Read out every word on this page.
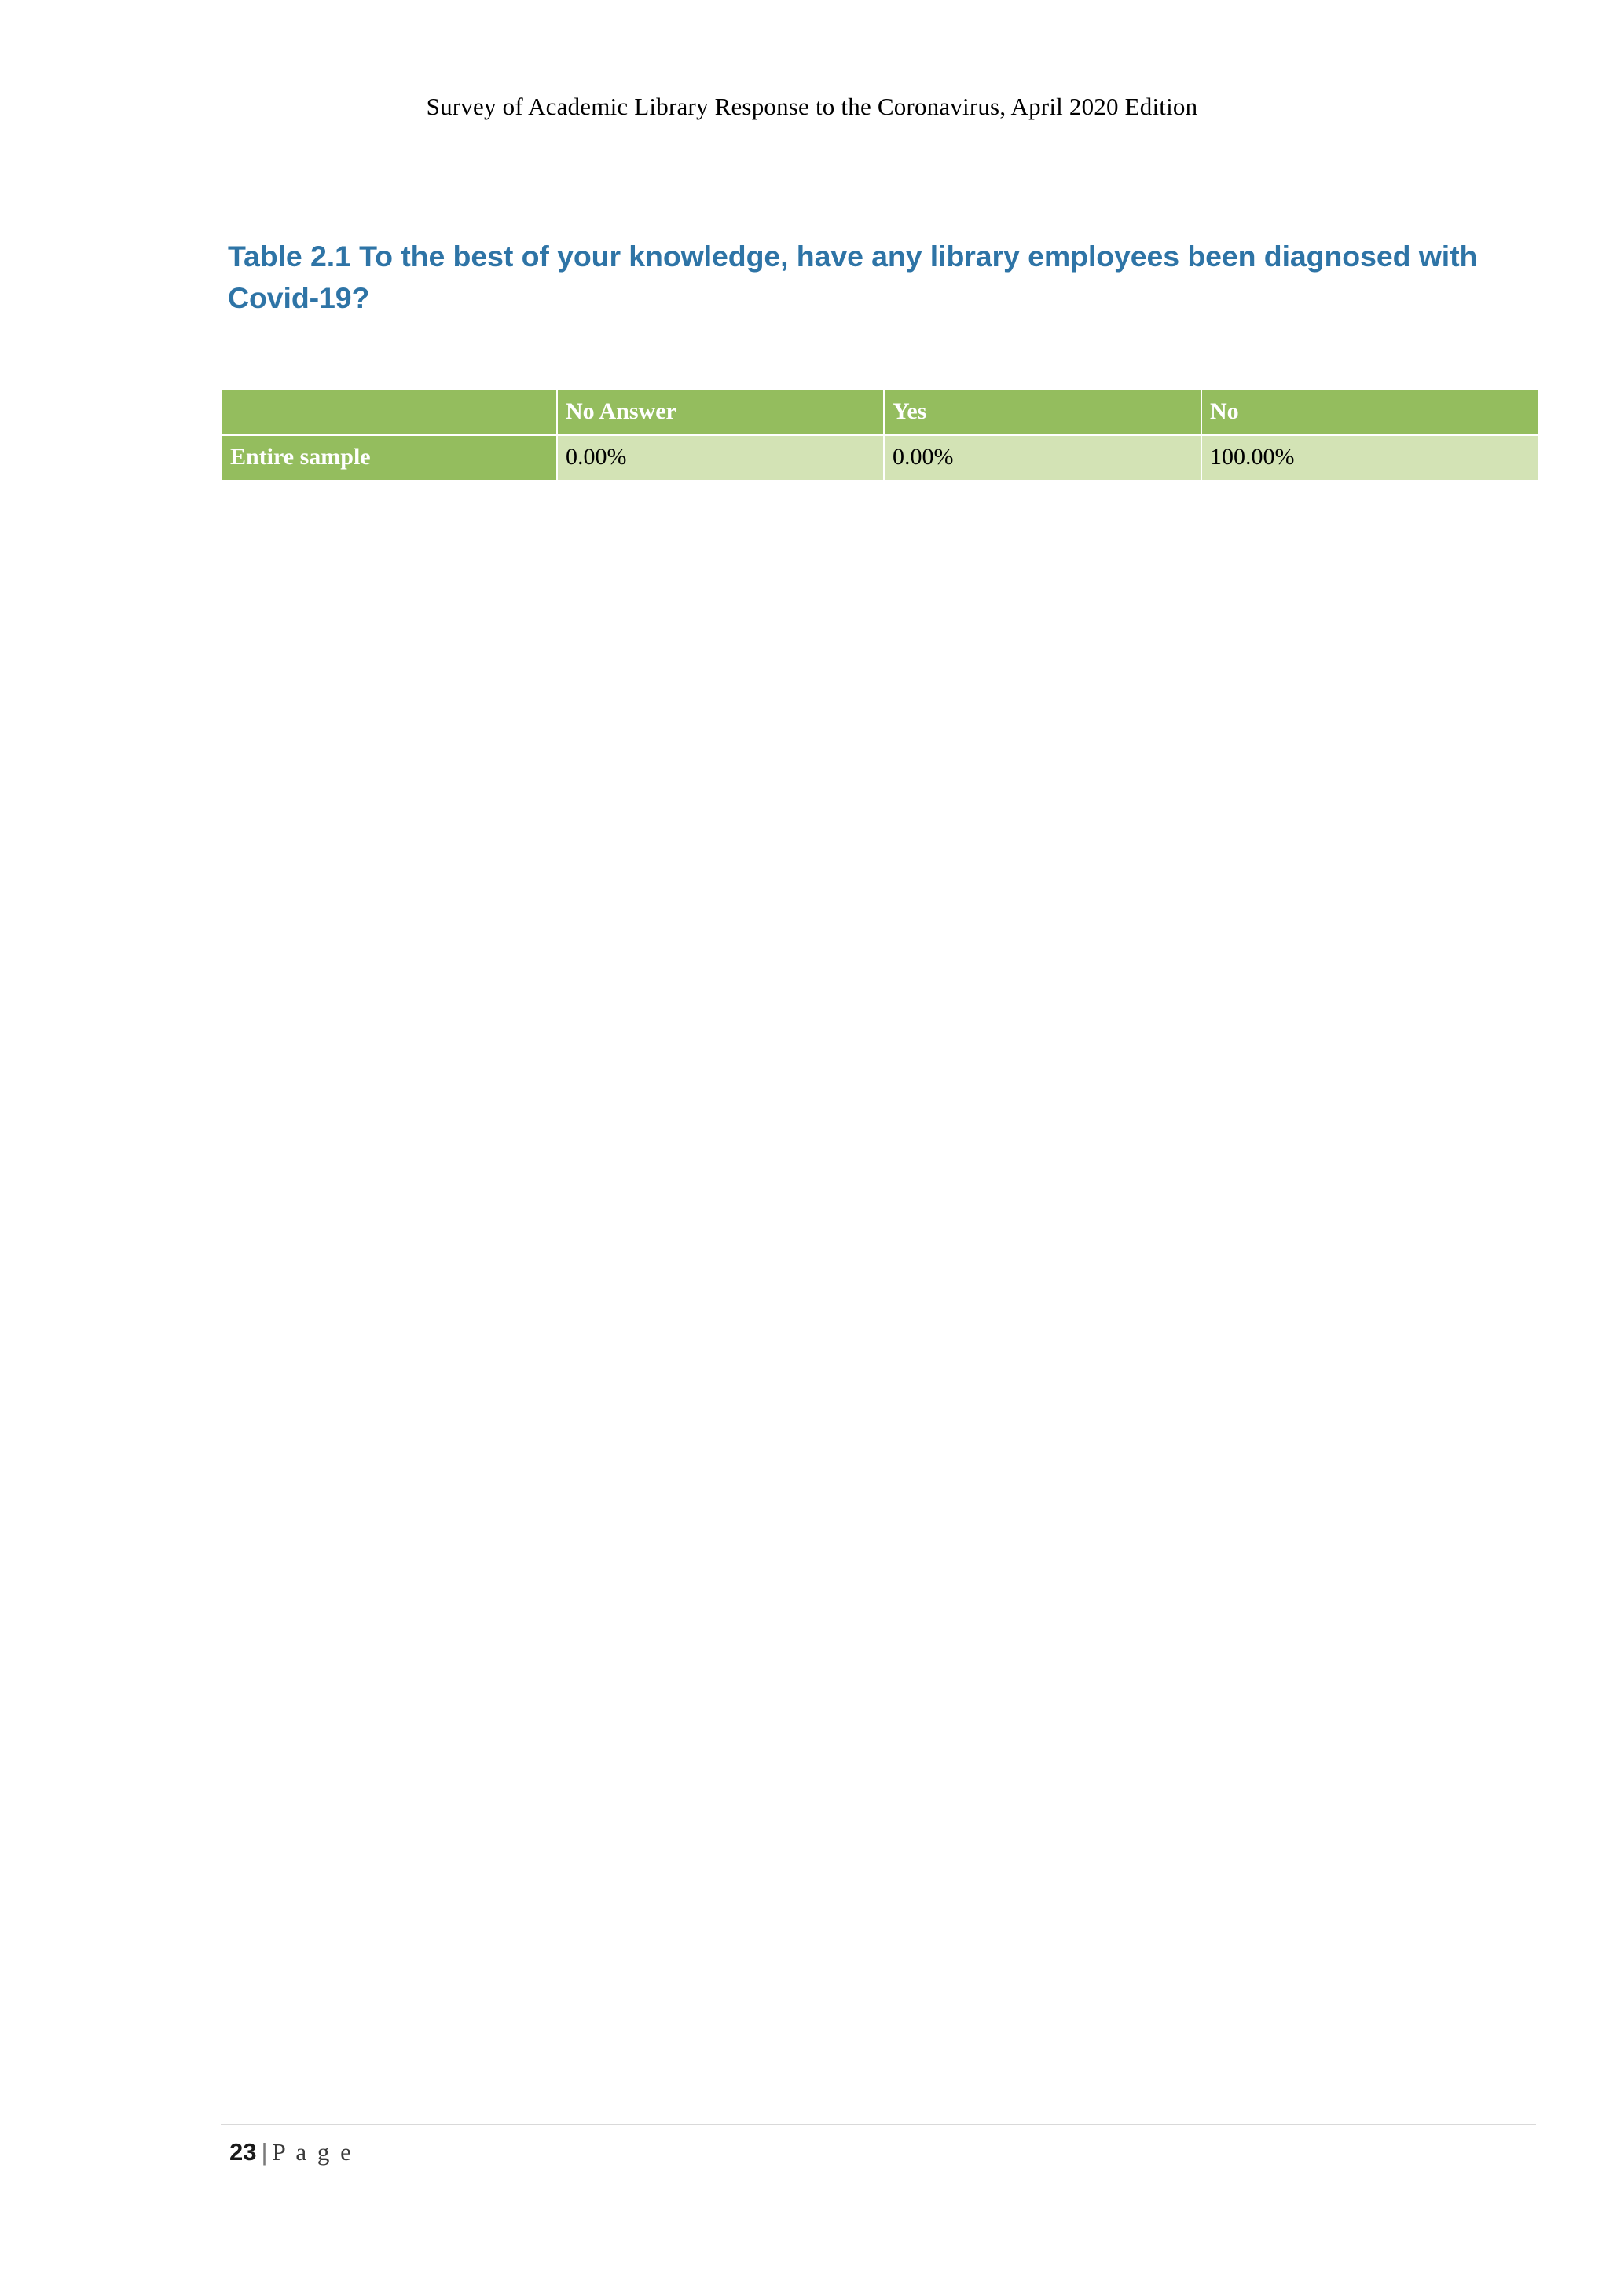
Survey of Academic Library Response to the Coronavirus, April 2020 Edition
Table 2.1 To the best of your knowledge, have any library employees been diagnosed with Covid-19?
	No Answer	Yes	No
Entire sample	0.00%	0.00%	100.00%
23 | P a g e
